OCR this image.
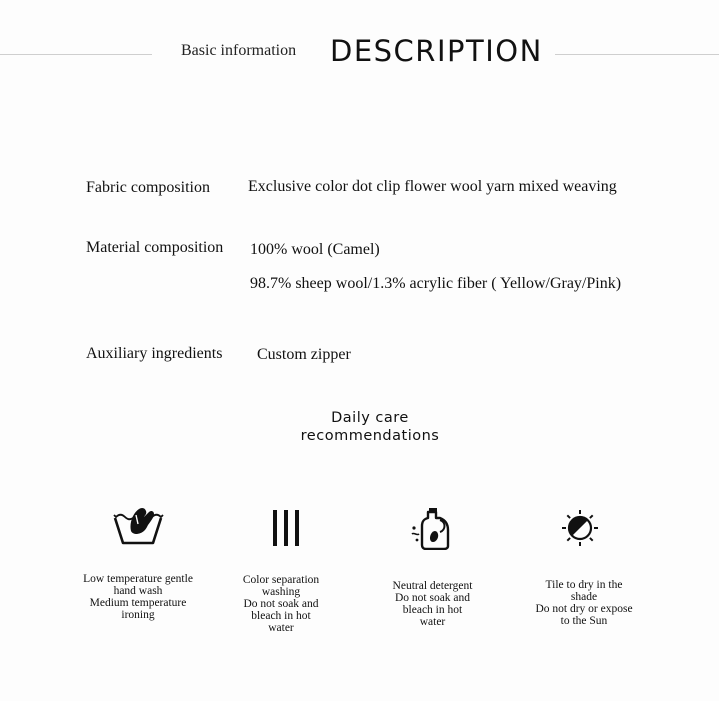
Basic information DESCRIPTION
Fabric composition Exclusive color dot clip flower wool yarn mixed weaving
Material composition 100% wool (Camel)
98.7% sheep wool/1.3% acrylic fiber ( Yellow/Gray/Pink)
Auxiliary ingredients Custom zipper
Daily care
recommendations
Low temperature gentle
hand wash
Medium temperature
ironing
Color separation
washing
Do not soak and
bleach in hot
water
Neutral detergent
Do not soak and
bleach in hot
water
Tile to dry in the
shade
Do not dry or expose
to the Sun
